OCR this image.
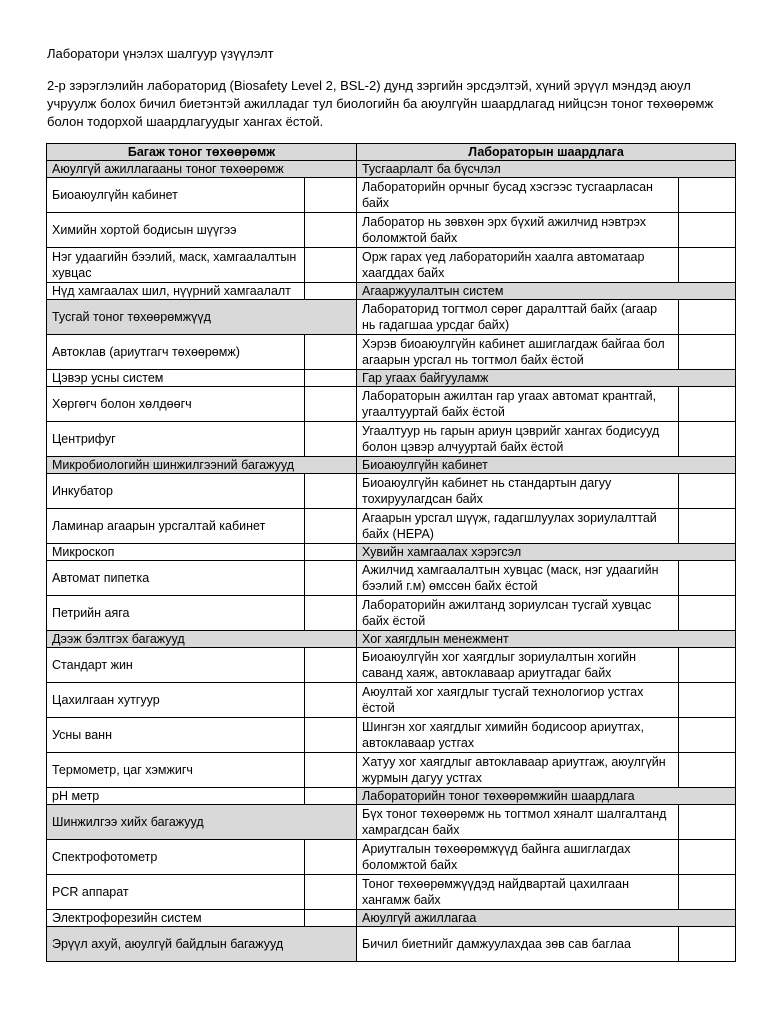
Лаборатори үнэлэх шалгуур үзүүлэлт
2-р зэрэглэлийн лабораторид (Biosafety Level 2, BSL-2) дунд зэргийн эрсдэлтэй, хүний эрүүл мэндэд аюул учруулж болох бичил биетэнтэй ажилладаг тул биологийн ба аюулгүйн шаардлагад нийцсэн тоног төхөөрөмж болон тодорхой шаардлагуудыг хангах ёстой.
Багаж тоног төхөөрөмж		Лабораторын шаардлага	
Аюулгүй ажиллагааны тоног төхөөрөмж		Тусгаарлалт ба бүсчлэл	
Биоаюулгүйн кабинет		Лабораторийн орчныг бусад хэсгээс тусгаарласан байх	
Химийн хортой бодисын шүүгээ		Лаборатор нь зөвхөн эрх бүхий ажилчид нэвтрэх боломжтой байх	
Нэг удаагийн бээлий, маск, хамгаалалтын хувцас		Орж гарах үед лабораторийн хаалга автоматаар хаагддах байх	
Нүд хамгаалах шил, нүүрний хамгаалалт		Агааржуулалтын систем	
Тусгай тоног төхөөрөмжүүд		Лабораторид тогтмол сөрөг даралттай байх (агаар нь гадагшаа урсдаг байх)	
Автоклав (ариутгагч төхөөрөмж)		Хэрэв биоаюулгүйн кабинет ашиглагдаж байгаа бол агаарын урсгал нь тогтмол байх ёстой	
Цэвэр усны систем		Гар угаах байгууламж	
Хөргөгч болон хөлдөөгч		Лабораторын ажилтан гар угаах автомат крантгай, угаалтууртай байх ёстой	
Центрифуг		Угаалтуур нь гарын ариун цэврийг хангах бодисууд болон цэвэр алчууртай байх ёстой	
Микробиологийн шинжилгээний багажууд		Биоаюулгүйн кабинет	
Инкубатор		Биоаюулгүйн кабинет нь стандартын дагуу тохируулагдсан байх	
Ламинар агаарын урсгалтай кабинет		Агаарын урсгал шүүж, гадагшлуулах зориулалттай байх (HEPA)	
Микроскоп		Хувийн хамгаалах хэрэгсэл	
Автомат пипетка		Ажилчид хамгаалалтын хувцас (маск, нэг удаагийн бээлий г.м) өмссөн байх ёстой	
Петрийн аяга		Лабораторийн ажилтанд зориулсан тусгай хувцас байх ёстой	
Дээж бэлтгэх багажууд		Хог хаягдлын менежмент	
Стандарт жин		Биоаюулгүйн хог хаягдлыг зориулалтын хогийн саванд хаяж, автоклаваар ариутгадаг байх	
Цахилгаан хутгуур		Аюултай хог хаягдлыг тусгай технологиор устгах ёстой	
Усны ванн		Шингэн хог хаягдлыг химийн бодисоор ариутгах, автоклаваар устгах	
Термометр, цаг хэмжигч		Хатуу хог хаягдлыг автоклаваар ариутгаж, аюулгүйн журмын дагуу устгах	
pH метр		Лабораторийн тоног төхөөрөмжийн шаардлага	
Шинжилгээ хийх багажууд		Бүх тоног төхөөрөмж нь тогтмол хяналт шалгалтанд хамрагдсан байх	
Спектрофотометр		Ариутгалын төхөөрөмжүүд байнга ашиглагдах боломжтой байх	
PCR аппарат		Тоног төхөөрөмжүүдэд найдвартай цахилгаан хангамж байх	
Электрофорезийн систем		Аюулгүй ажиллагаа	
Эрүүл ахуй, аюулгүй байдлын багажууд		Бичил биетнийг дамжуулахдаа зөв сав баглаа	
